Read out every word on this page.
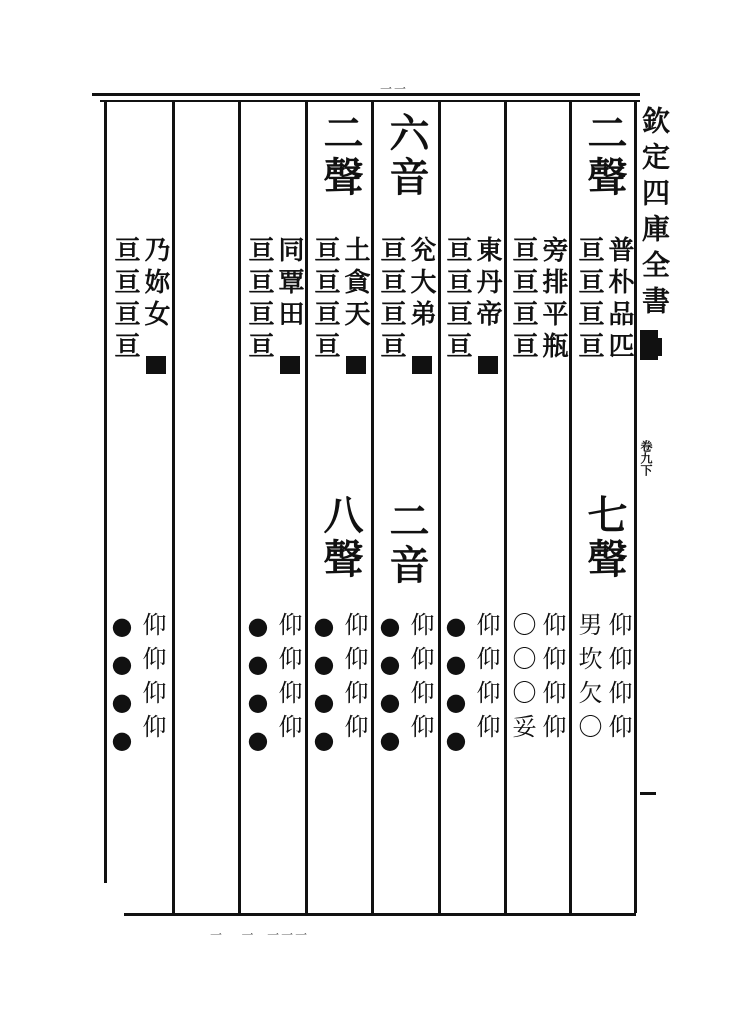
一一
一   一  一一一
欽定四庫全書
卷九下
二聲
普朴品匹
亘亘亘亘
七聲
仰仰仰仰
男坎欠〇
旁排平瓶
亘亘亘亘
仰仰仰仰
〇〇〇妥
東丹帝
亘亘亘亘
仰仰仰仰
●●●●
六音
兊大弟
亘亘亘亘
二音
仰仰仰仰
●●●●
二聲
土貪天
亘亘亘亘
八聲
仰仰仰仰
●●●●
同覃田
亘亘亘亘
仰仰仰仰
●●●●
乃妳女
亘亘亘亘
仰仰仰仰
●●●●
